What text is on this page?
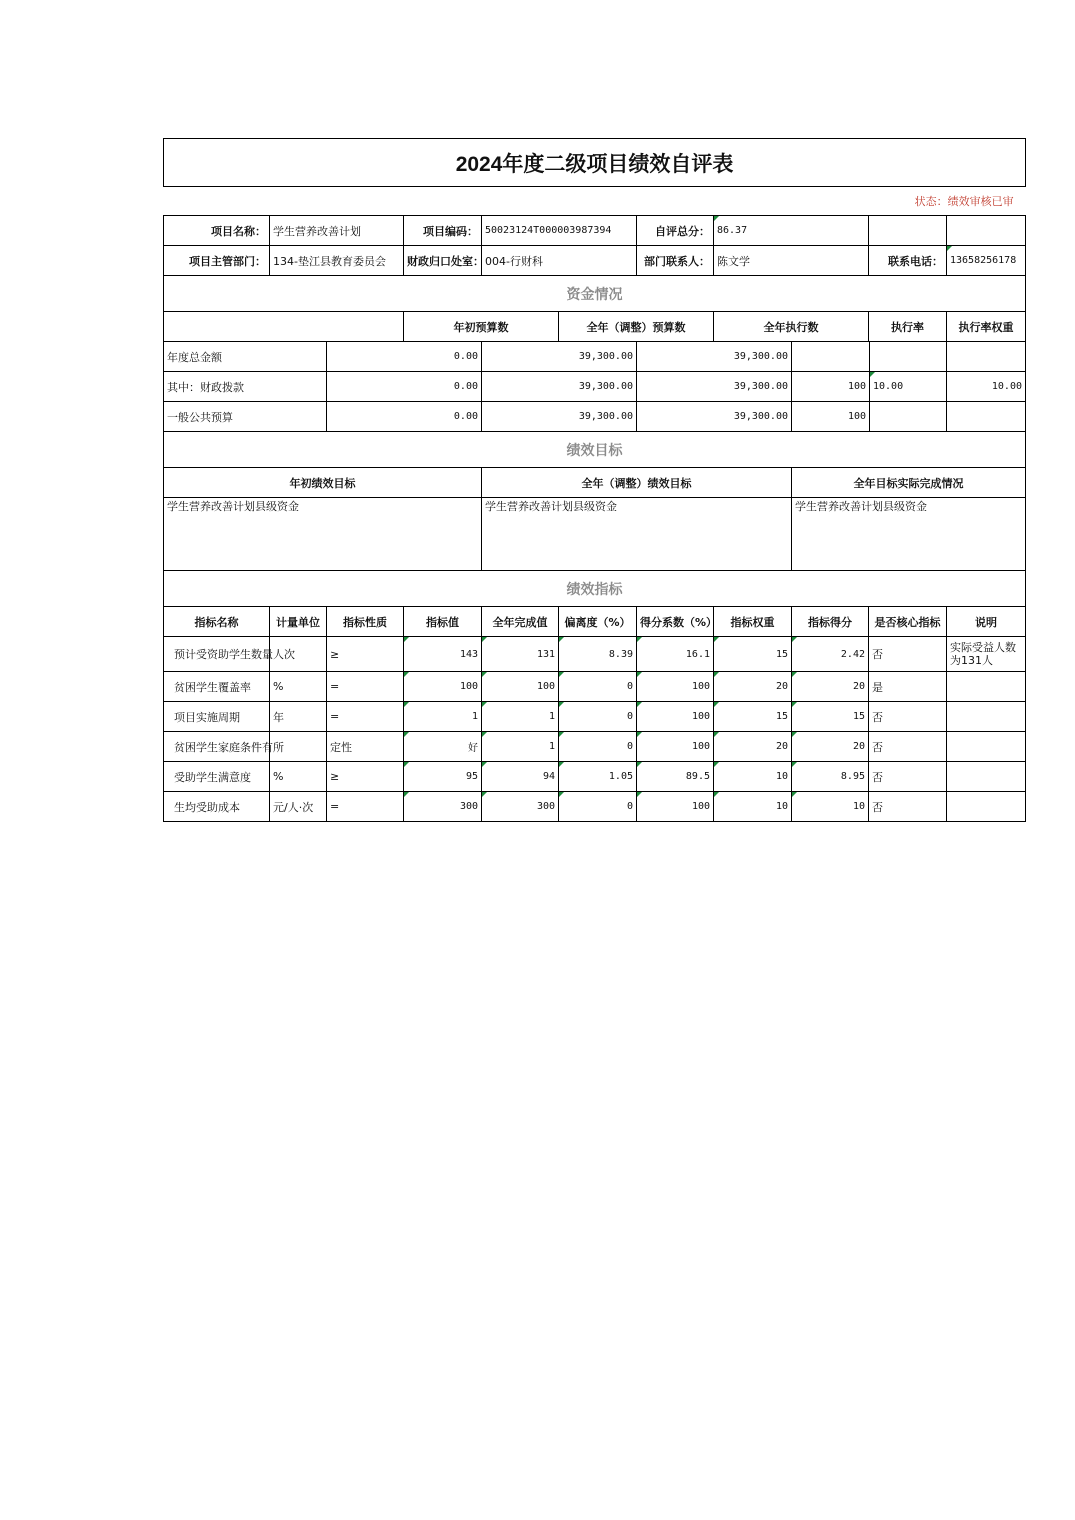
2024年度二级项目绩效自评表								
状态：绩效审核已审								
项目名称：	学生营养改善计划	项目编码：	50023124T000003987394		自评总分：	86.37		
项目主管部门：	134-垫江县教育委员会	财政归口处室：	004-行财科		部门联系人：	陈文学	联系电话：	13658256178
资金情况								
		年初预算数		全年（调整）预算数		全年执行数	执行率	执行率权重
年度总金额	0.00	39,300.00	39,300.00			
其中：财政拨款	0.00	39,300.00	39,300.00	100	10.00	10.00
一般公共预算	0.00	39,300.00	39,300.00	100		
绩效目标		
年初绩效目标	全年（调整）绩效目标	全年目标实际完成情况
学生营养改善计划县级资金	学生营养改善计划县级资金	学生营养改善计划县级资金
绩效指标										
指标名称	计量单位	指标性质	指标值	全年完成值	偏离度（%）	得分系数（%）	指标权重	指标得分	是否核心指标	说明
预计受资助学生数量	人次	≥	143	131	8.39	16.1	15	2.42	否	实际受益人数为131人
贫困学生覆盖率	%	=	100	100	0	100	20	20	是	
项目实施周期	年	=	1	1	0	100	15	15	否	
贫困学生家庭条件有所		定性	好	1	0	100	20	20	否	
受助学生满意度	%	≥	95	94	1.05	89.5	10	8.95	否	
生均受助成本	元/人·次	=	300	300	0	100	10	10	否	
